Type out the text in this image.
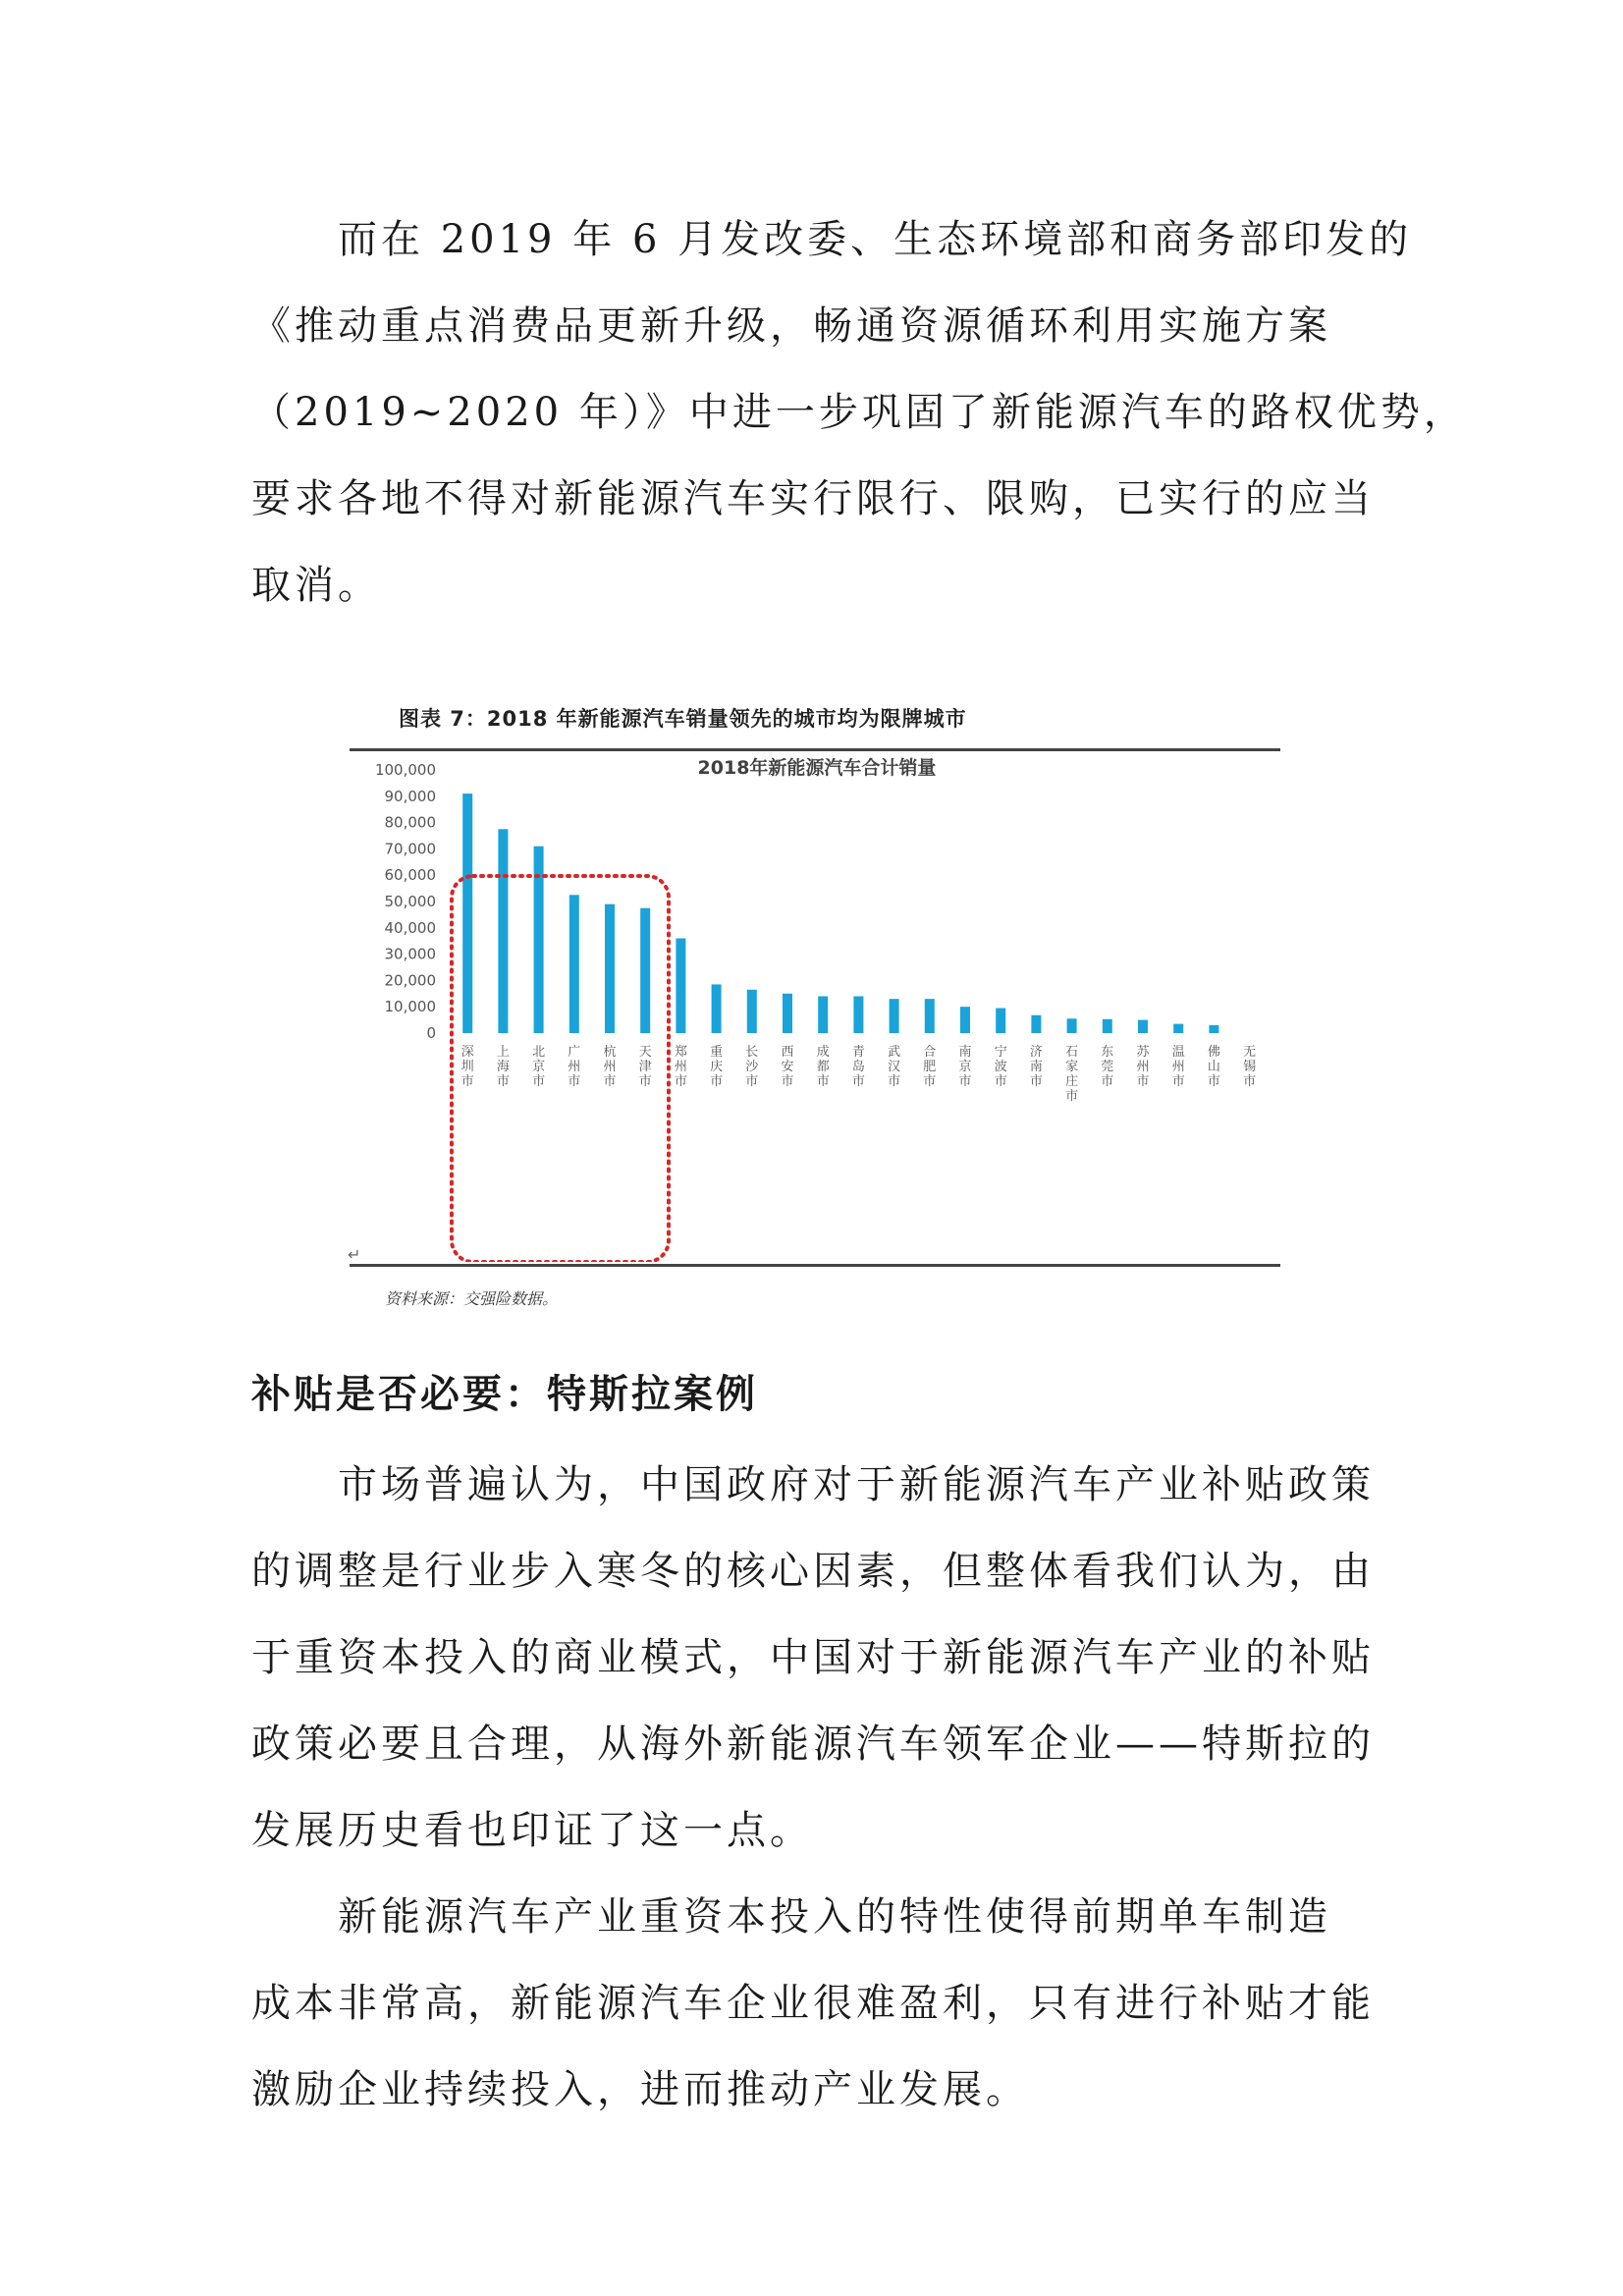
而在 2019 年 6 月发改委、生态环境部和商务部印发的
《推动重点消费品更新升级，畅通资源循环利用实施方案
（2019~2020 年）》中进一步巩固了新能源汽车的路权优势，
要求各地不得对新能源汽车实行限行、限购，已实行的应当
取消。

图表 7：2018 年新能源汽车销量领先的城市均为限牌城市
2018年新能源汽车合计销量
0
10,000
20,000
30,000
40,000
50,000
60,000
70,000
80,000
90,000
100,000
深圳市
上海市
北京市
广州市
杭州市
天津市
郑州市
重庆市
长沙市
西安市
成都市
青岛市
武汉市
合肥市
南京市
宁波市
济南市
石家庄市
东莞市
苏州市
温州市
佛山市
无锡市
↵
资料来源：交强险数据。
补贴是否必要：特斯拉案例

市场普遍认为，中国政府对于新能源汽车产业补贴政策
的调整是行业步入寒冬的核心因素，但整体看我们认为，由
于重资本投入的商业模式，中国对于新能源汽车产业的补贴
政策必要且合理，从海外新能源汽车领军企业——特斯拉的
发展历史看也印证了这一点。

新能源汽车产业重资本投入的特性使得前期单车制造
成本非常高，新能源汽车企业很难盈利，只有进行补贴才能
激励企业持续投入，进而推动产业发展。
